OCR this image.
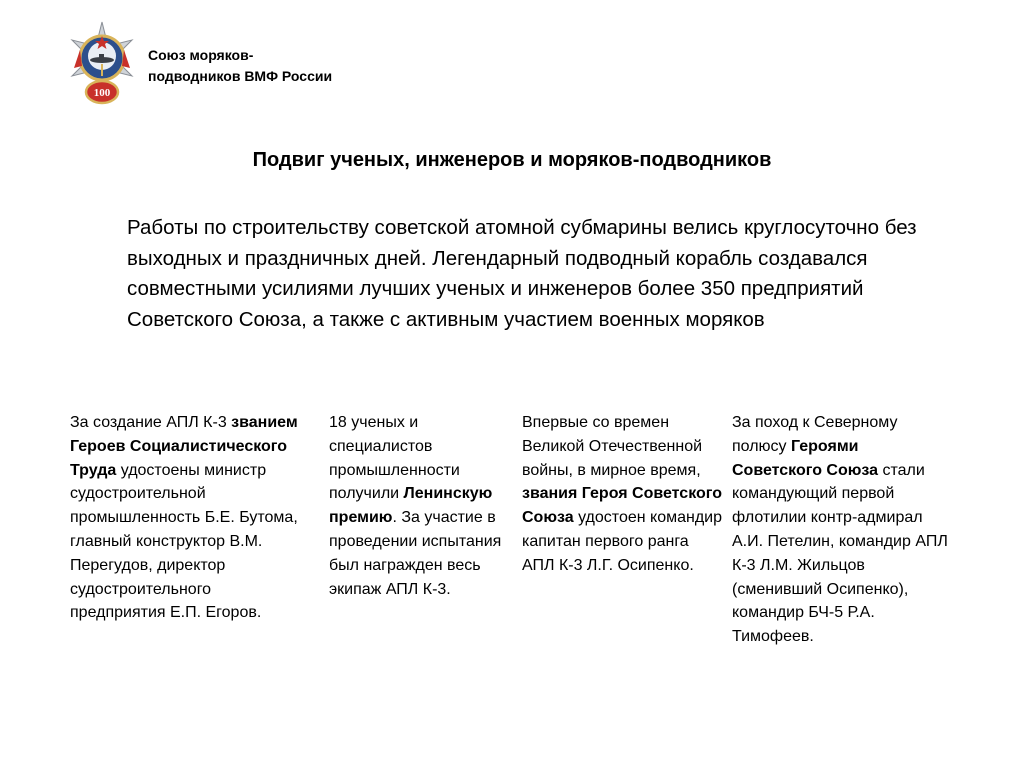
100
Союз моряков-
подводников ВМФ России
Подвиг ученых, инженеров и моряков-подводников
Работы по строительству советской атомной субмарины велись круглосуточно без выходных и праздничных дней. Легендарный подводный корабль создавался совместными усилиями лучших ученых и инженеров более 350 предприятий Советского Союза, а также с активным участием военных моряков
За создание АПЛ К-3 званием Героев Социалистического Труда удостоены министр судостроительной промышленность Б.Е. Бутома, главный конструктор В.М. Перегудов, директор судостроительного предприятия Е.П. Егоров.
18 ученых и специалистов промышленности получили Ленинскую премию. За участие в проведении испытания был награжден весь экипаж АПЛ К-3.
Впервые со времен Великой Отечественной войны, в мирное время, звания Героя Советского Союза удостоен командир капитан первого ранга АПЛ К-3 Л.Г. Осипенко.
За поход к Северному полюсу Героями Советского Союза стали командующий первой флотилии контр-адмирал А.И. Петелин, командир АПЛ К-3 Л.М. Жильцов (сменивший Осипенко), командир БЧ-5 Р.А. Тимофеев.
